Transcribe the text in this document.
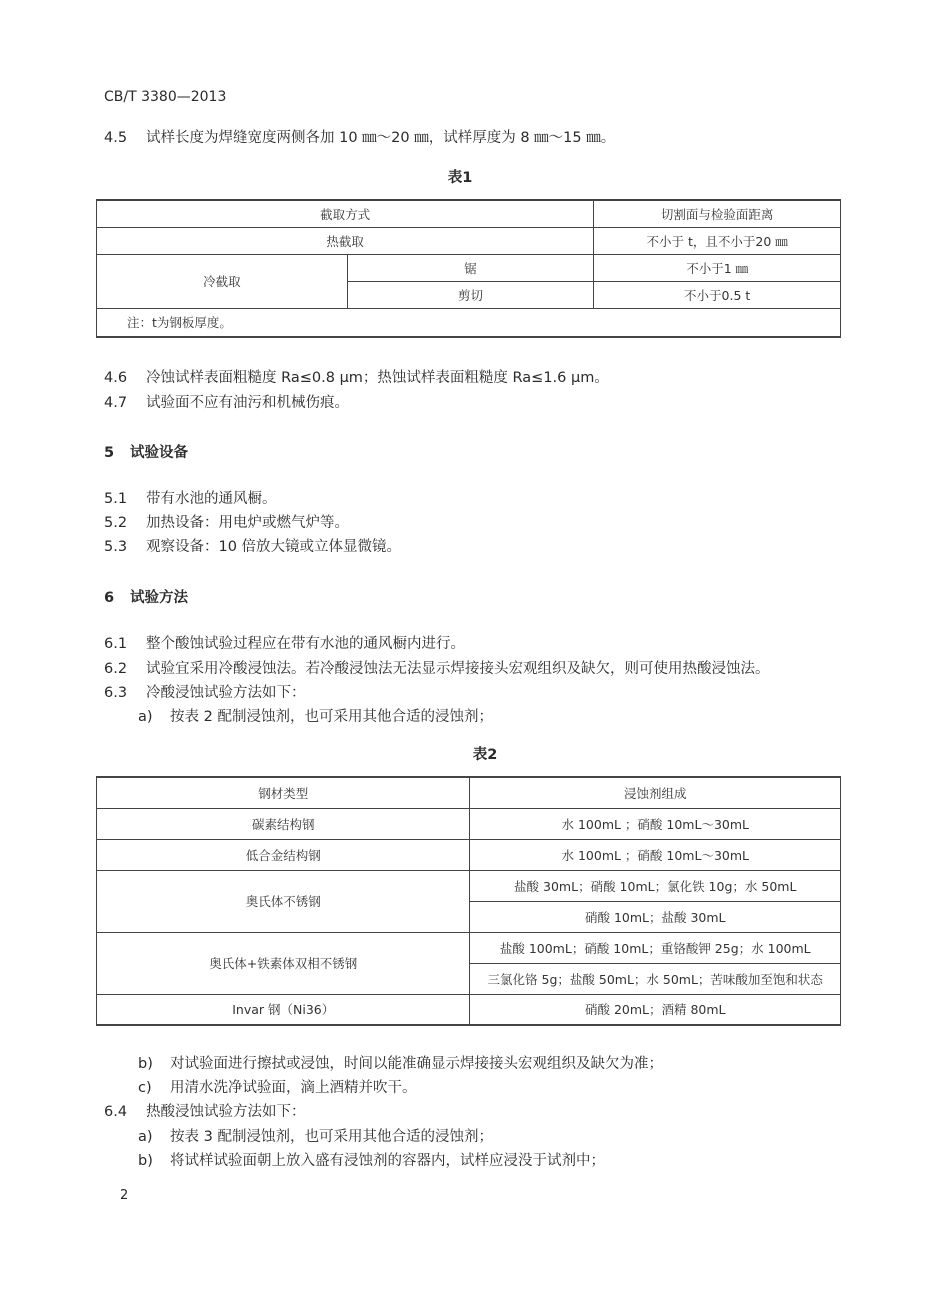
CB/T 3380—2013
4.5 试样长度为焊缝宽度两侧各加 10 ㎜～20 ㎜，试样厚度为 8 ㎜～15 ㎜。
表1
截取方式		切割面与检验面距离
热截取		不小于 t，且不小于20 ㎜
冷截取	锯	不小于1 ㎜
	剪切	不小于0.5 t
注：t为钢板厚度。		
4.6 冷蚀试样表面粗糙度 Ra≤0.8 μm；热蚀试样表面粗糙度 Ra≤1.6 μm。
4.7 试验面不应有油污和机械伤痕。
5 试验设备
5.1 带有水池的通风橱。
5.2 加热设备：用电炉或燃气炉等。
5.3 观察设备：10 倍放大镜或立体显微镜。
6 试验方法
6.1 整个酸蚀试验过程应在带有水池的通风橱内进行。
6.2 试验宜采用冷酸浸蚀法。若冷酸浸蚀法无法显示焊接接头宏观组织及缺欠，则可使用热酸浸蚀法。
6.3 冷酸浸蚀试验方法如下：
a) 按表 2 配制浸蚀剂，也可采用其他合适的浸蚀剂；
表2
钢材类型	浸蚀剂组成
碳素结构钢	水 100mL ；硝酸 10mL～30mL
低合金结构钢	水 100mL ；硝酸 10mL～30mL
奥氏体不锈钢	盐酸 30mL；硝酸 10mL；氯化铁 10g；水 50mL
	硝酸 10mL；盐酸 30mL
奥氏体+铁素体双相不锈钢	盐酸 100mL；硝酸 10mL；重铬酸钾 25g；水 100mL
	三氯化铬 5g；盐酸 50mL；水 50mL；苦味酸加至饱和状态
Invar 钢（Ni36）	硝酸 20mL；酒精 80mL
b) 对试验面进行擦拭或浸蚀，时间以能准确显示焊接接头宏观组织及缺欠为准；
c) 用清水洗净试验面，滴上酒精并吹干。
6.4 热酸浸蚀试验方法如下：
a) 按表 3 配制浸蚀剂，也可采用其他合适的浸蚀剂；
b) 将试样试验面朝上放入盛有浸蚀剂的容器内，试样应浸没于试剂中；
2
